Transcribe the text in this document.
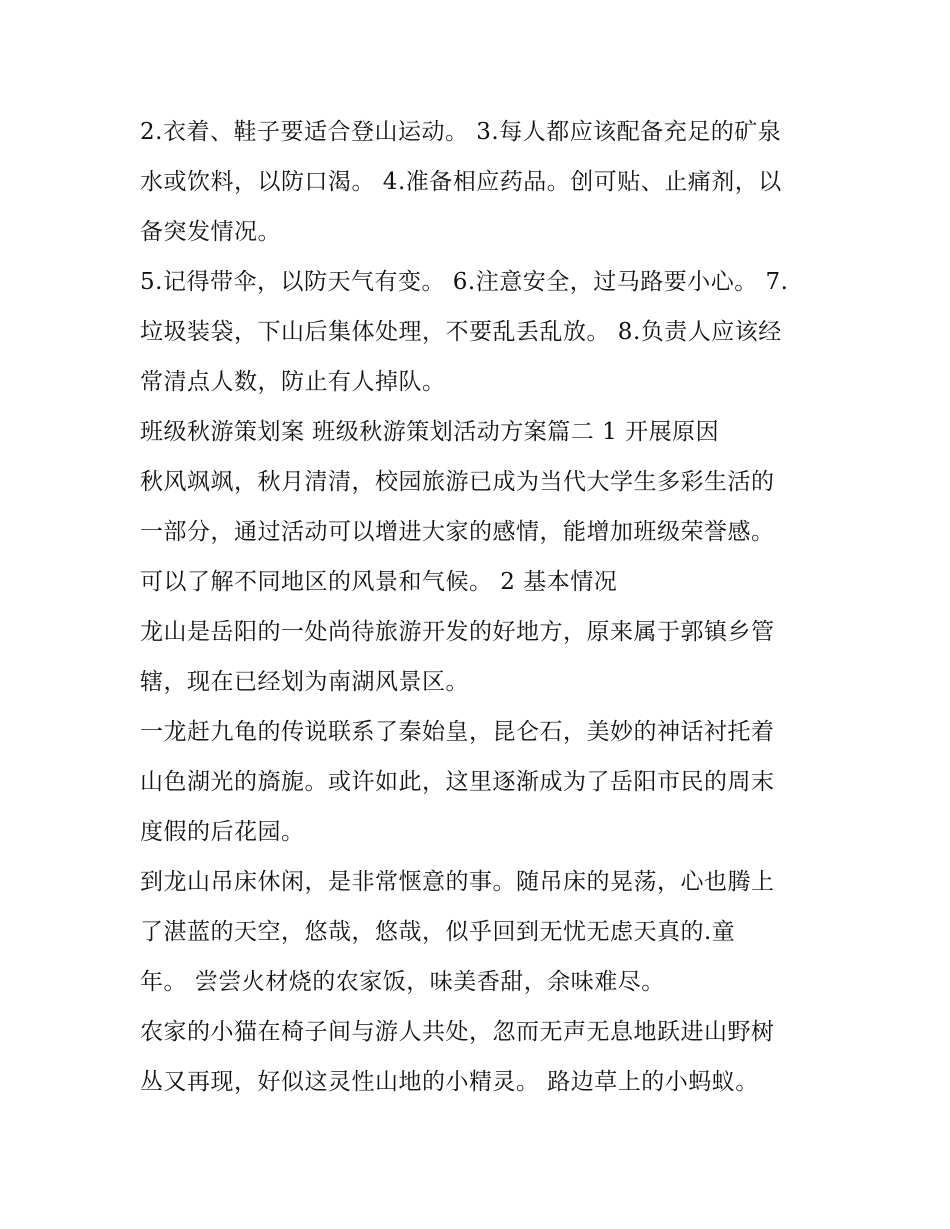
2.衣着、鞋子要适合登山运动。 3.每人都应该配备充足的矿泉
水或饮料，以防口渴。 4.准备相应药品。创可贴、止痛剂，以
备突发情况。

5.记得带伞，以防天气有变。 6.注意安全，过马路要小心。 7.
垃圾装袋，下山后集体处理，不要乱丢乱放。 8.负责人应该经
常清点人数，防止有人掉队。

班级秋游策划案 班级秋游策划活动方案篇二 1 开展原因

秋风飒飒，秋月清清，校园旅游已成为当代大学生多彩生活的
一部分，通过活动可以增进大家的感情，能增加班级荣誉感。
可以了解不同地区的风景和气候。 2 基本情况

龙山是岳阳的一处尚待旅游开发的好地方，原来属于郭镇乡管
辖，现在已经划为南湖风景区。

一龙赶九龟的传说联系了秦始皇，昆仑石，美妙的神话衬托着
山色湖光的旖旎。或许如此，这里逐渐成为了岳阳市民的周末
度假的后花园。

到龙山吊床休闲，是非常惬意的事。随吊床的晃荡，心也腾上
了湛蓝的天空，悠哉，悠哉，似乎回到无忧无虑天真的.童
年。 尝尝火材烧的农家饭，味美香甜，余味难尽。

农家的小猫在椅子间与游人共处，忽而无声无息地跃进山野树
丛又再现，好似这灵性山地的小精灵。 路边草上的小蚂蚁。
